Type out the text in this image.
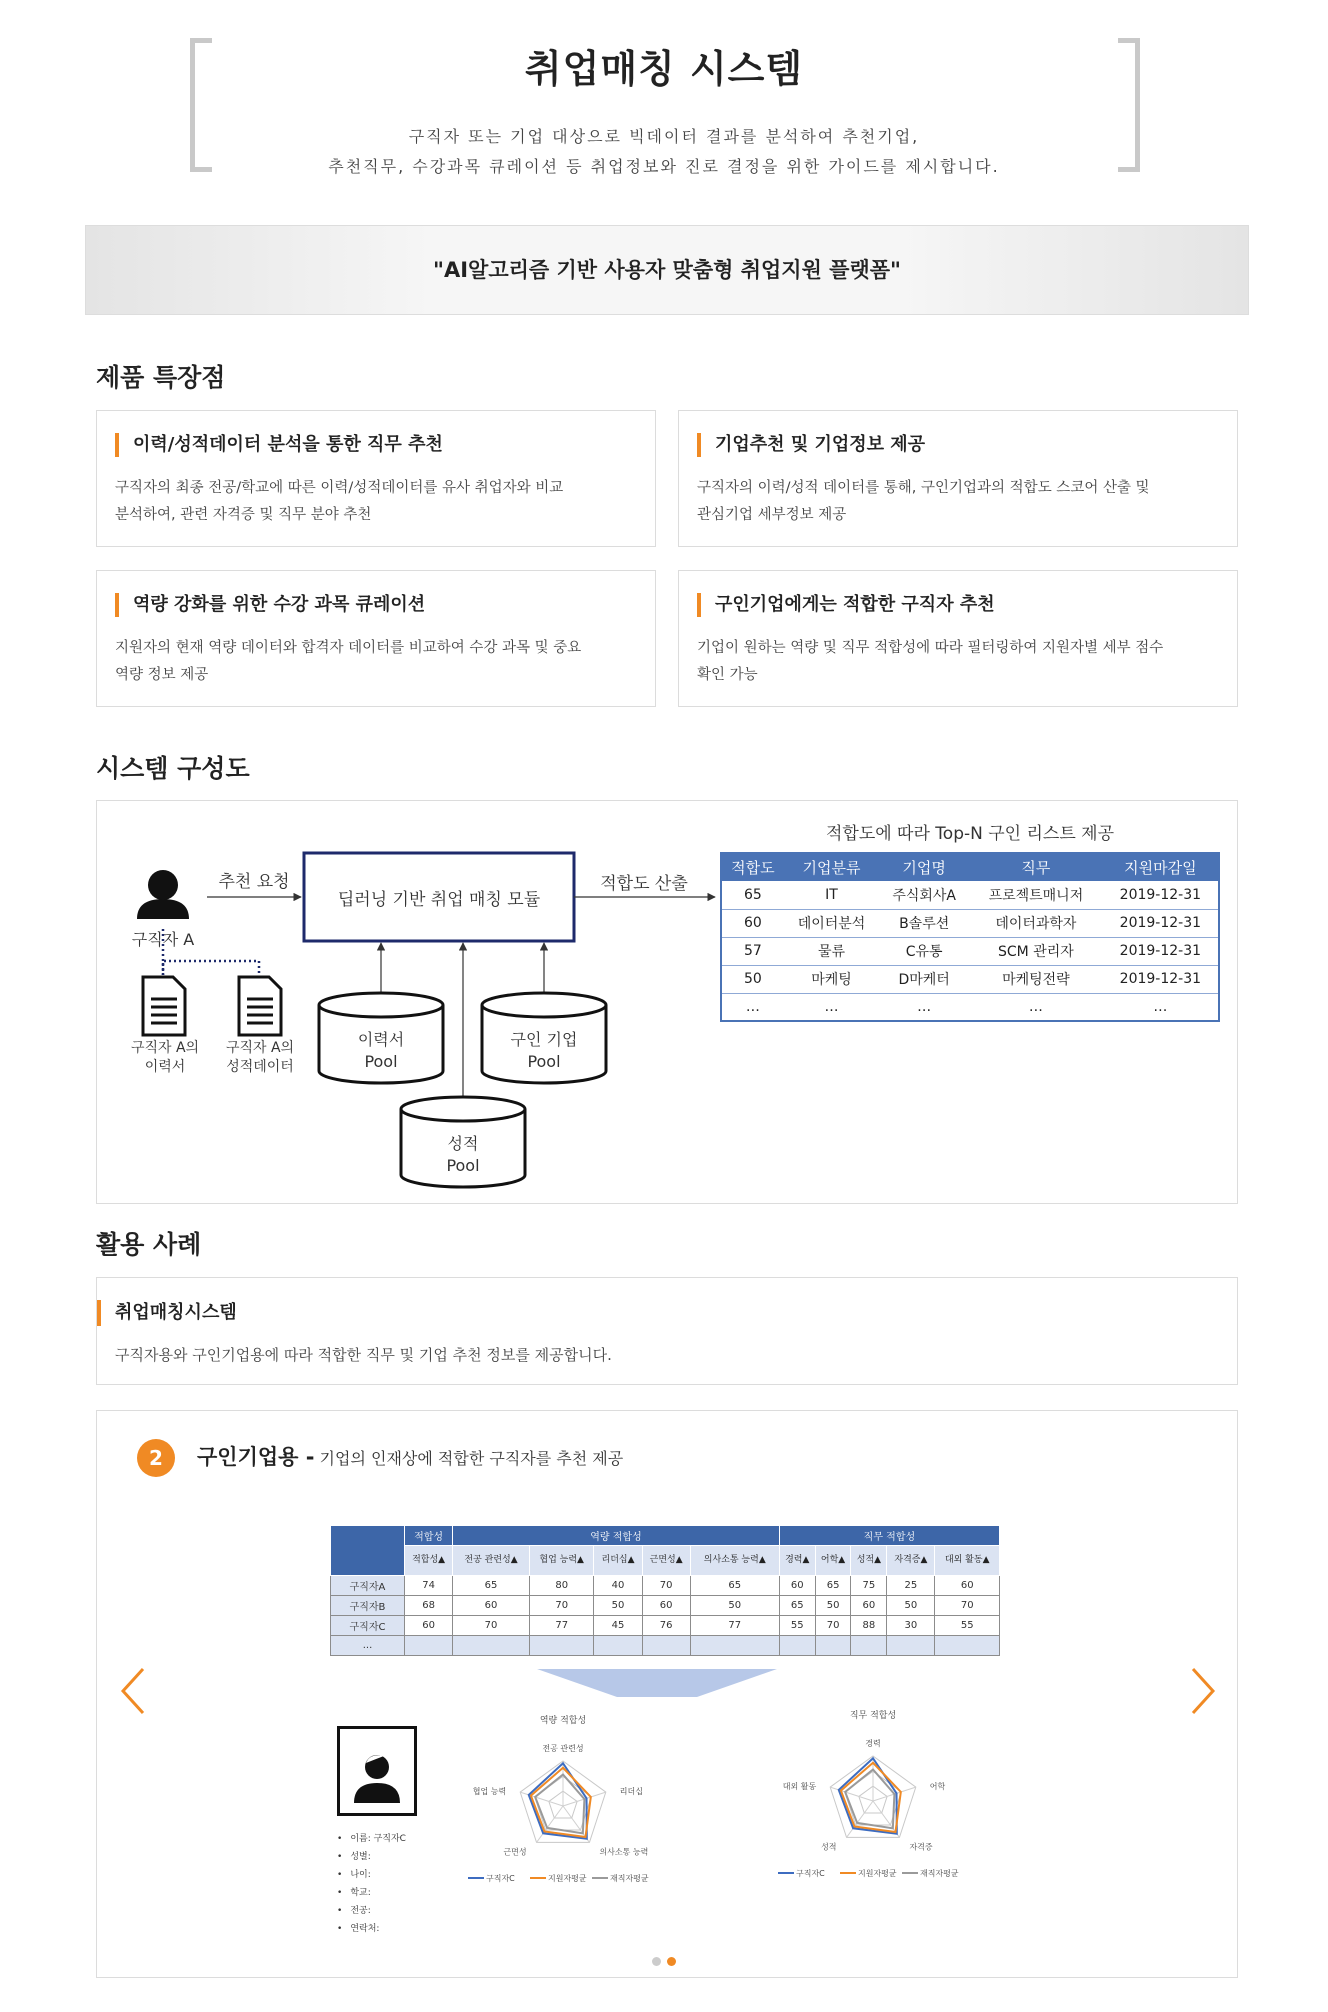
취업매칭 시스템
구직자 또는 기업 대상으로 빅데이터 결과를 분석하여 추천기업,
추천직무, 수강과목 큐레이션 등 취업정보와 진로 결정을 위한 가이드를 제시합니다.
"AI알고리즘 기반 사용자 맞춤형 취업지원 플랫폼"
제품 특장점
이력/성적데이터 분석을 통한 직무 추천
구직자의 최종 전공/학교에 따른 이력/성적데이터를 유사 취업자와 비교
분석하여, 관련 자격증 및 직무 분야 추천
기업추천 및 기업정보 제공
구직자의 이력/성적 데이터를 통해, 구인기업과의 적합도 스코어 산출 및
관심기업 세부정보 제공
역량 강화를 위한 수강 과목 큐레이션
지원자의 현재 역량 데이터와 합격자 데이터를 비교하여 수강 과목 및 중요
역량 정보 제공
구인기업에게는 적합한 구직자 추천
기업이 원하는 역량 및 직무 적합성에 따라 필터링하여 지원자별 세부 점수
확인 가능
시스템 구성도
구직자 A
추천 요청
딥러닝 기반 취업 매칭 모듈
적합도 산출
구직자 A의
이력서
구직자 A의
성적데이터
이력서
Pool
구인 기업
Pool
성적
Pool
적합도에 따라 Top-N 구인 리스트 제공
적합도	기업분류	기업명	직무	지원마감일
65	IT	주식회사A	프로젝트매니저	2019-12-31
60	데이터분석	B솔루션	데이터과학자	2019-12-31
57	물류	C유통	SCM 관리자	2019-12-31
50	마케팅	D마케터	마케팅전략	2019-12-31
…	…	…	…	…
활용 사례
취업매칭시스템
구직자용와 구인기업용에 따라 적합한 직무 및 기업 추천 정보를 제공합니다.
2	구인기업용 - 기업의 인재상에 적합한 구직자를 추천 제공
	적합성	역량 적합성					직무 적합성				
	적합성▲	전공 관련성▲	협업 능력▲	리더십▲	근면성▲	의사소통 능력▲	경력▲	어학▲	성적▲	자격증▲	대외 활동▲
구직자A	74	65	80	40	70	65	60	65	75	25	60
구직자B	68	60	70	50	60	50	65	50	60	50	70
구직자C	60	70	77	45	76	77	55	70	88	30	55
...											
• 이름: 구직자C
• 성별:
• 나이:
• 학교:
• 전공:
• 연락처:
역량 적합성
전공 관련성
리더십
의사소통 능력
근면성
협업 능력
구직자C	지원자평균	재직자평균
직무 적합성
경력
어학
자격증
성적
대외 활동
구직자C	지원자평균	재직자평균
